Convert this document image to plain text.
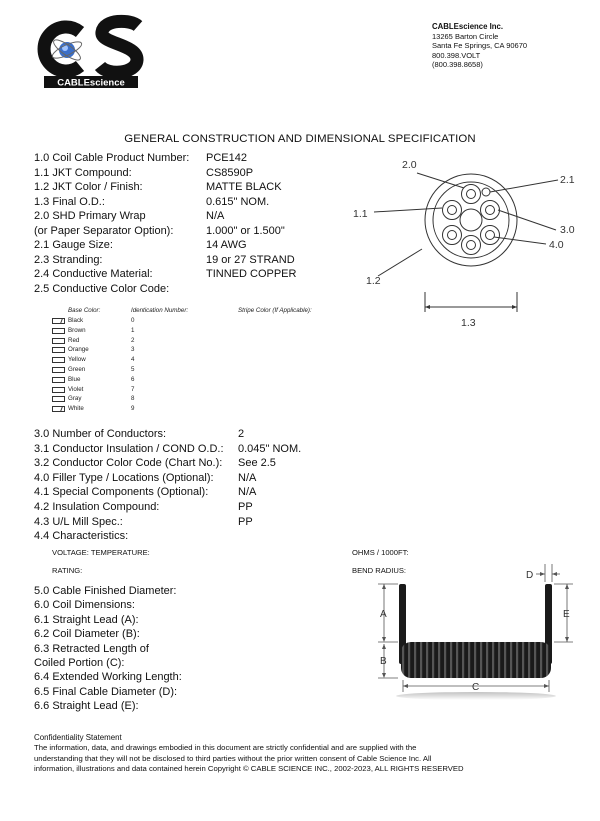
CABLEscience
CABLEscience Inc.
13265 Barton Circle
Santa Fe Springs, CA 90670
800.398.VOLT
(800.398.8658)
GENERAL CONSTRUCTION AND DIMENSIONAL SPECIFICATION
1.0 Coil Cable Product Number: PCE142
1.1 JKT Compound:	CS8590P
1.2 JKT Color / Finish:	MATTE BLACK
1.3 Final O.D.:	0.615" NOM.
2.0 SHD Primary Wrap	N/A
(or Paper Separator Option):	1.000" or 1.500"
2.1 Gauge Size:	14 AWG
2.3 Stranding:	19 or 27 STRAND
2.4 Conductive Material:	TINNED COPPER
2.5 Conductive Color Code:
Base Color:	Identication Number:	Stripe Color (If Applicable):
Black	0
Brown	1
Red	2
Orange	3
Yellow	4
Green	5
Blue	6
Violet	7
Gray	8
White	9
3.0 Number of Conductors:	2
3.1 Conductor Insulation / COND O.D.: 0.045" NOM.
3.2 Conductor Color Code (Chart No.): See 2.5
4.0 Filler Type / Locations (Optional): N/A
4.1 Special Components (Optional):	N/A
4.2 Insulation Compound:	PP
4.3 U/L Mill Spec.:	PP
4.4 Characteristics:
VOLTAGE: TEMPERATURE:
RATING:
OHMS / 1000FT:
BEND RADIUS:
5.0 Cable Finished Diameter:
6.0 Coil Dimensions:
6.1 Straight Lead (A):
6.2 Coil Diameter (B):
6.3 Retracted Length of
Coiled Portion (C):
6.4 Extended Working Length:
6.5 Final Cable Diameter (D):
6.6 Straight Lead (E):
2.0
2.1
1.1
3.0
4.0
1.2
1.3
A
B
C
D
E
Confidentiality Statement
The information, data, and drawings embodied in this document are strictly confidential and are supplied with the
understanding that they will not be disclosed to third parties without the prior written consent of Cable Science Inc. All
information, illustrations and data contained herein Copyright © CABLE SCIENCE INC., 2002-2023, ALL RIGHTS RESERVED
